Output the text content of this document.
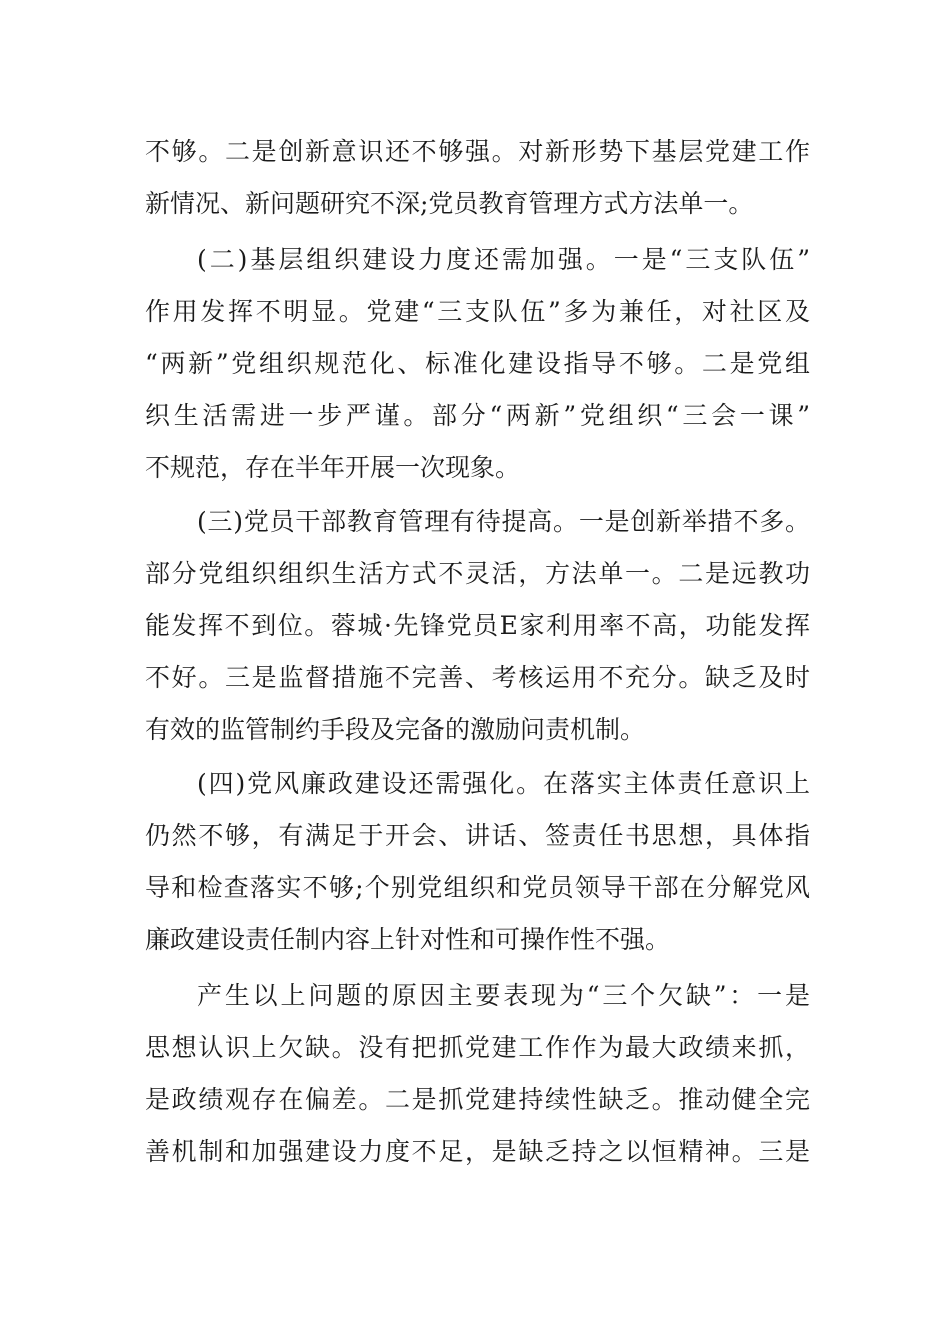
不够。二是创新意识还不够强。对新形势下基层党建工作
新情况、新问题研究不深;党员教育管理方式方法单一。
(二)基层组织建设力度还需加强。一是“三支队伍”
作用发挥不明显。党建“三支队伍”多为兼任，对社区及
“两新”党组织规范化、标准化建设指导不够。二是党组
织生活需进一步严谨。部分“两新”党组织“三会一课”
不规范，存在半年开展一次现象。
(三)党员干部教育管理有待提高。一是创新举措不多。
部分党组织组织生活方式不灵活，方法单一。二是远教功
能发挥不到位。蓉城·先锋党员E家利用率不高，功能发挥
不好。三是监督措施不完善、考核运用不充分。缺乏及时
有效的监管制约手段及完备的激励问责机制。
(四)党风廉政建设还需强化。在落实主体责任意识上
仍然不够，有满足于开会、讲话、签责任书思想，具体指
导和检查落实不够;个别党组织和党员领导干部在分解党风
廉政建设责任制内容上针对性和可操作性不强。
产生以上问题的原因主要表现为“三个欠缺”：一是
思想认识上欠缺。没有把抓党建工作作为最大政绩来抓，
是政绩观存在偏差。二是抓党建持续性缺乏。推动健全完
善机制和加强建设力度不足，是缺乏持之以恒精神。三是
